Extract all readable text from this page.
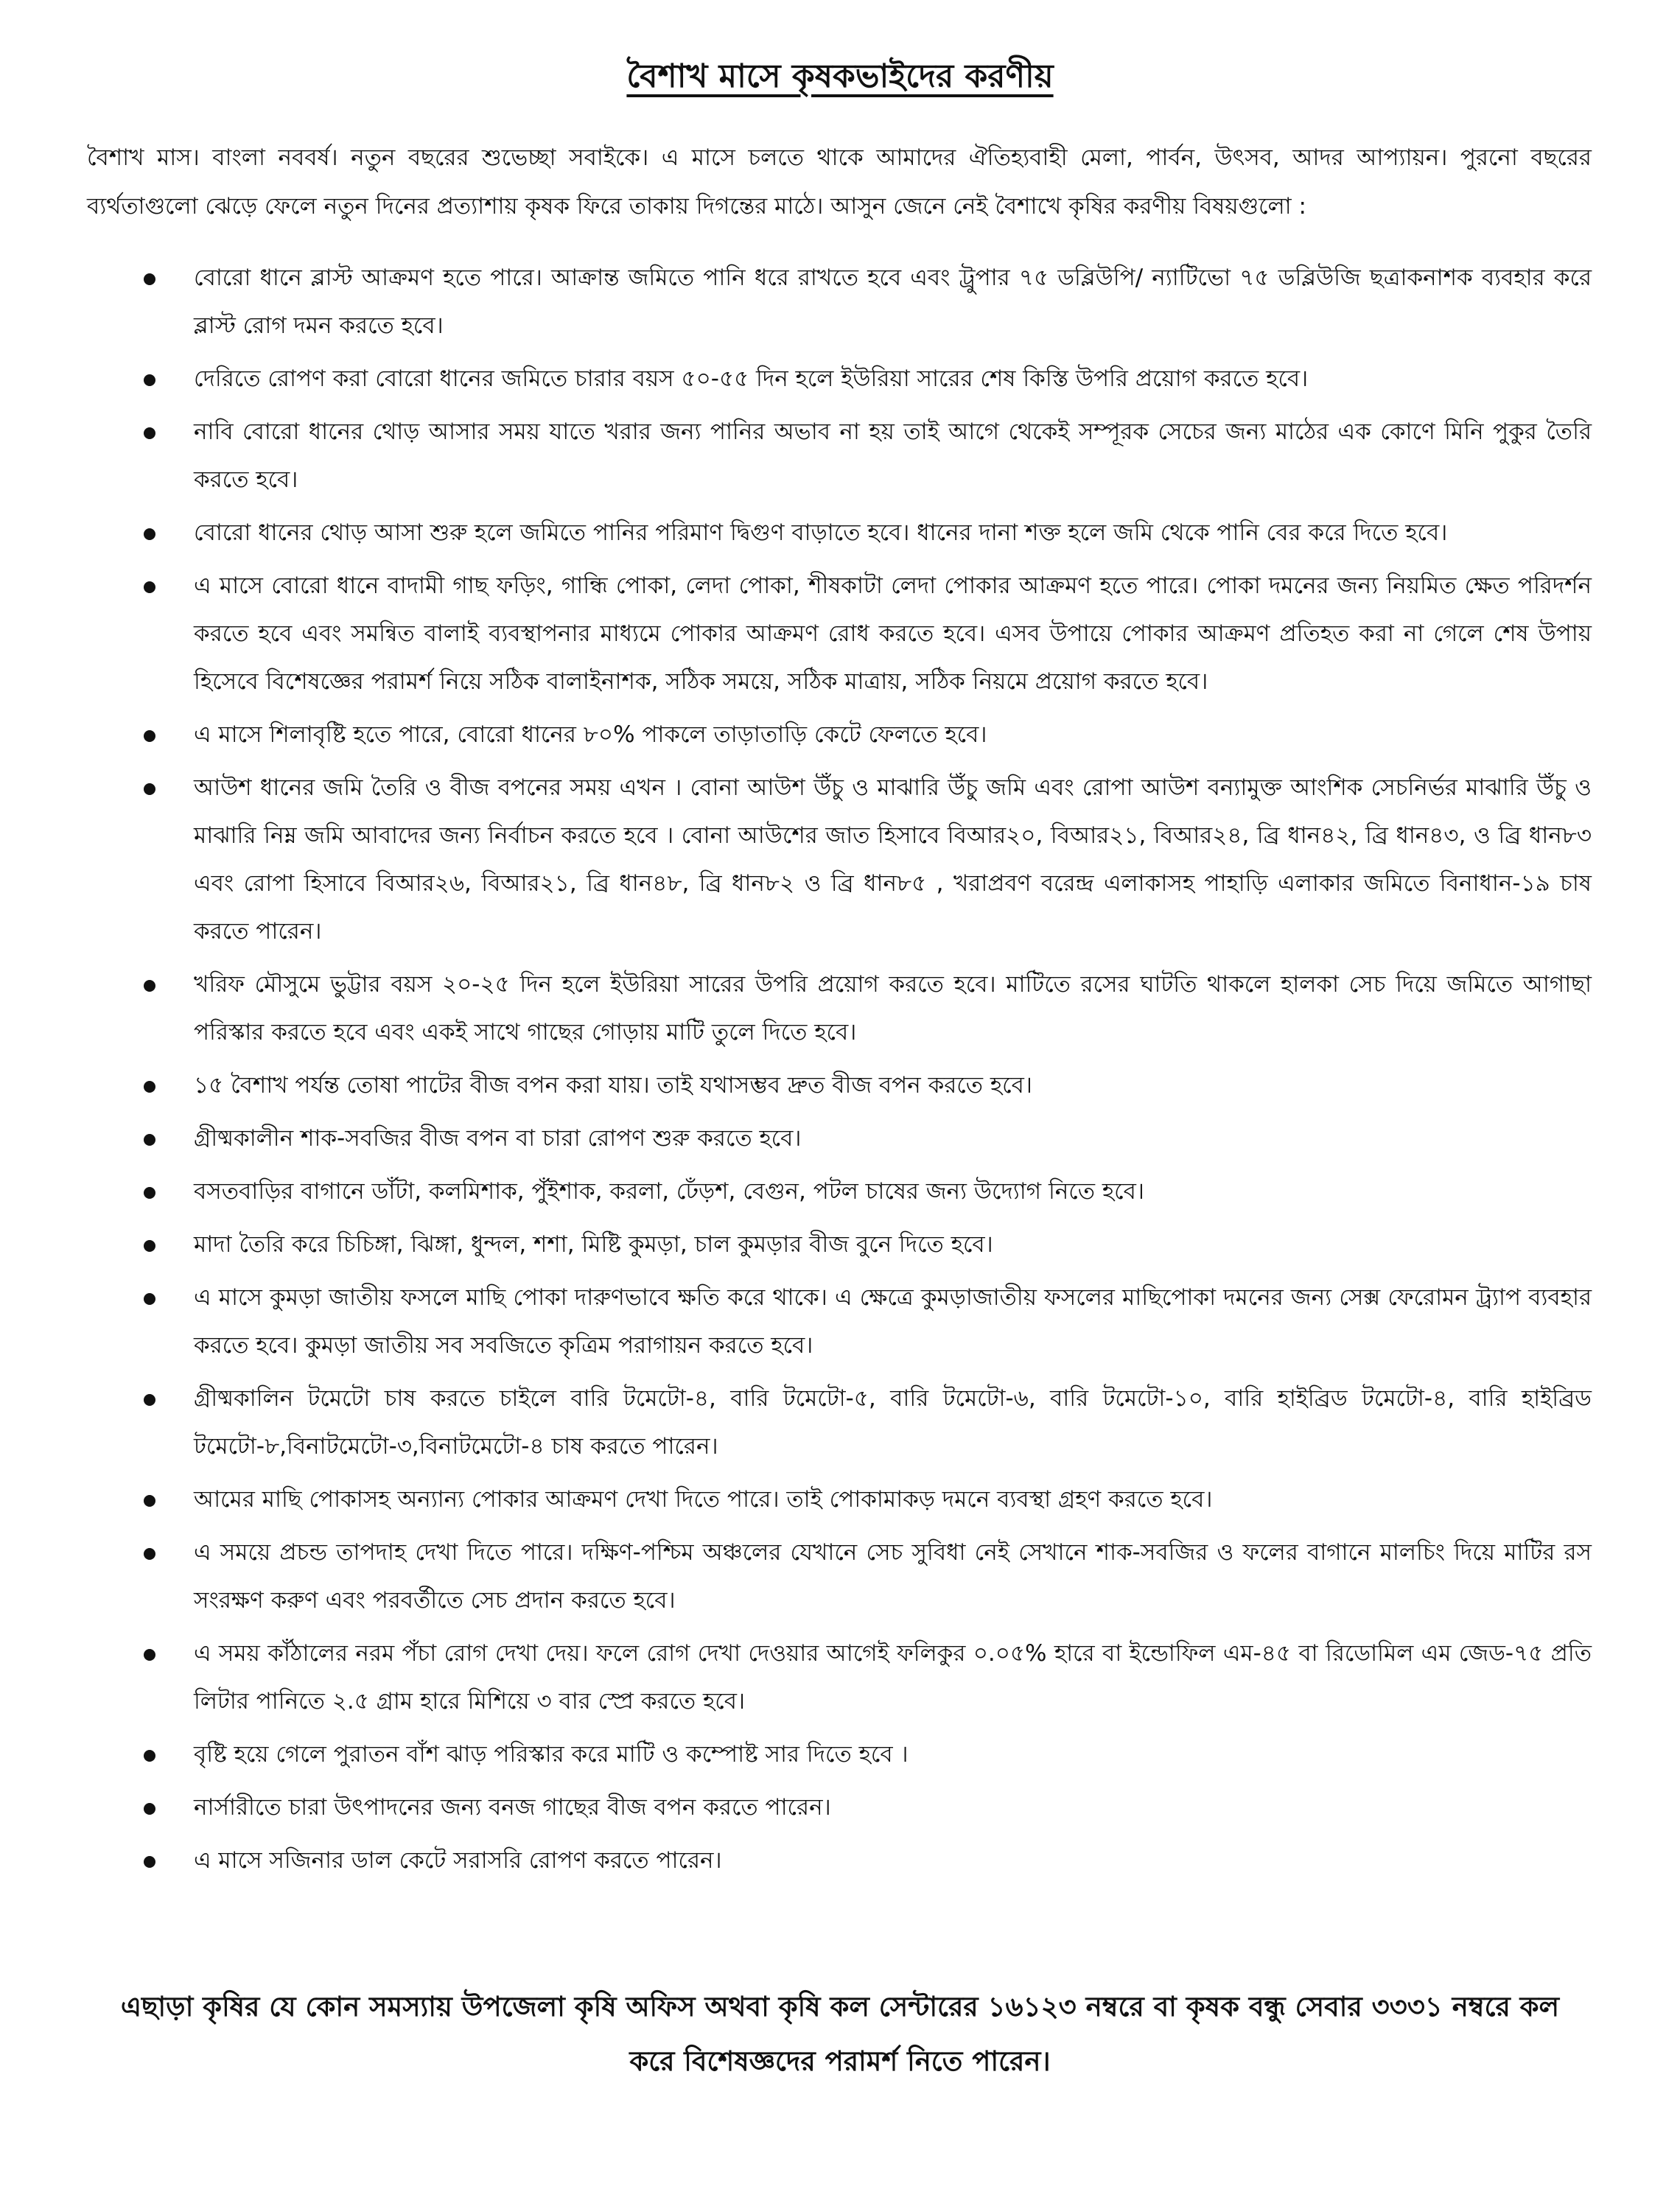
বৈশাখ মাসে কৃষকভাইদের করণীয়

বৈশাখ মাস। বাংলা নববর্ষ। নতুন বছরের শুভেচ্ছা সবাইকে। এ মাসে চলতে থাকে আমাদের ঐতিহ্যবাহী মেলা, পার্বন, উৎসব, আদর আপ্যায়ন। পুরনো বছরের ব্যর্থতাগুলো ঝেড়ে ফেলে নতুন দিনের প্রত্যাশায় কৃষক ফিরে তাকায় দিগন্তের মাঠে। আসুন জেনে নেই বৈশাখে কৃষির করণীয় বিষয়গুলো :

বোরো ধানে ব্লাস্ট আক্রমণ হতে পারে। আক্রান্ত জমিতে পানি ধরে রাখতে হবে এবং ট্রুপার ৭৫ ডব্লিউপি/ ন্যাটিভো ৭৫ ডব্লিউজি ছত্রাকনাশক ব্যবহার করে ব্লাস্ট রোগ দমন করতে হবে।
দেরিতে রোপণ করা বোরো ধানের জমিতে চারার বয়স ৫০-৫৫ দিন হলে ইউরিয়া সারের শেষ কিস্তি উপরি প্রয়োগ করতে হবে।
নাবি বোরো ধানের থোড় আসার সময় যাতে খরার জন্য পানির অভাব না হয় তাই আগে থেকেই সম্পূরক সেচের জন্য মাঠের এক কোণে মিনি পুকুর তৈরি করতে হবে।
বোরো ধানের থোড় আসা শুরু হলে জমিতে পানির পরিমাণ দ্বিগুণ বাড়াতে হবে। ধানের দানা শক্ত হলে জমি থেকে পানি বের করে দিতে হবে।
এ মাসে বোরো ধানে বাদামী গাছ ফড়িং, গান্ধি পোকা, লেদা পোকা, শীষকাটা লেদা পোকার আক্রমণ হতে পারে। পোকা দমনের জন্য নিয়মিত ক্ষেত পরিদর্শন করতে হবে এবং সমন্বিত বালাই ব্যবস্থাপনার মাধ্যমে পোকার আক্রমণ রোধ করতে হবে। এসব উপায়ে পোকার আক্রমণ প্রতিহত করা না গেলে শেষ উপায় হিসেবে বিশেষজ্ঞের পরামর্শ নিয়ে সঠিক বালাইনাশক, সঠিক সময়ে, সঠিক মাত্রায়, সঠিক নিয়মে প্রয়োগ করতে হবে।
এ মাসে শিলাবৃষ্টি হতে পারে, বোরো ধানের ৮০% পাকলে তাড়াতাড়ি কেটে ফেলতে হবে।
আউশ ধানের জমি তৈরি ও বীজ বপনের সময় এখন । বোনা আউশ উঁচু ও মাঝারি উঁচু জমি এবং রোপা আউশ বন্যামুক্ত আংশিক সেচনির্ভর মাঝারি উঁচু ও মাঝারি নিম্ন জমি আবাদের জন্য নির্বাচন করতে হবে । বোনা আউশের জাত হিসাবে বিআর২০, বিআর২১, বিআর২৪, ব্রি ধান৪২, ব্রি ধান৪৩, ও ব্রি ধান৮৩ এবং রোপা হিসাবে বিআর২৬, বিআর২১, ব্রি ধান৪৮, ব্রি ধান৮২ ও ব্রি ধান৮৫ , খরাপ্রবণ বরেন্দ্র এলাকাসহ পাহাড়ি এলাকার জমিতে বিনাধান-১৯ চাষ করতে পারেন।
খরিফ মৌসুমে ভুট্টার বয়স ২০-২৫ দিন হলে ইউরিয়া সারের উপরি প্রয়োগ করতে হবে। মাটিতে রসের ঘাটতি থাকলে হালকা সেচ দিয়ে জমিতে আগাছা পরিস্কার করতে হবে এবং একই সাথে গাছের গোড়ায় মাটি তুলে দিতে হবে।
১৫ বৈশাখ পর্যন্ত তোষা পাটের বীজ বপন করা যায়। তাই যথাসম্ভব দ্রুত বীজ বপন করতে হবে।
গ্রীষ্মকালীন শাক-সবজির বীজ বপন বা চারা রোপণ শুরু করতে হবে।
বসতবাড়ির বাগানে ডাঁটা, কলমিশাক, পুঁইশাক, করলা, ঢেঁড়শ, বেগুন, পটল চাষের জন্য উদ্যোগ নিতে হবে।
মাদা তৈরি করে চিচিঙ্গা, ঝিঙ্গা, ধুন্দল, শশা, মিষ্টি কুমড়া, চাল কুমড়ার বীজ বুনে দিতে হবে।
এ মাসে কুমড়া জাতীয় ফসলে মাছি পোকা দারুণভাবে ক্ষতি করে থাকে। এ ক্ষেত্রে কুমড়াজাতীয় ফসলের মাছিপোকা দমনের জন্য সেক্স ফেরোমন ট্র্যাপ ব্যবহার করতে হবে। কুমড়া জাতীয় সব সবজিতে কৃত্রিম পরাগায়ন করতে হবে।
গ্রীষ্মকালিন টমেটো চাষ করতে চাইলে বারি টমেটো-৪, বারি টমেটো-৫, বারি টমেটো-৬, বারি টমেটো-১০, বারি হাইব্রিড টমেটো-৪, বারি হাইব্রিড টমেটো-৮,বিনাটমেটো-৩,বিনাটমেটো-৪ চাষ করতে পারেন।
আমের মাছি পোকাসহ অন্যান্য পোকার আক্রমণ দেখা দিতে পারে। তাই পোকামাকড় দমনে ব্যবস্থা গ্রহণ করতে হবে।
এ সময়ে প্রচন্ড তাপদাহ দেখা দিতে পারে। দক্ষিণ-পশ্চিম অঞ্চলের যেখানে সেচ সুবিধা নেই সেখানে শাক-সবজির ও ফলের বাগানে মালচিং দিয়ে মাটির রস সংরক্ষণ করুণ এবং পরবর্তীতে সেচ প্রদান করতে হবে।
এ সময় কাঁঠালের নরম পঁচা রোগ দেখা দেয়। ফলে রোগ দেখা দেওয়ার আগেই ফলিকুর ০.০৫% হারে বা ইন্ডোফিল এম-৪৫ বা রিডোমিল এম জেড-৭৫ প্রতি লিটার পানিতে ২.৫ গ্রাম হারে মিশিয়ে ৩ বার স্প্রে করতে হবে।
বৃষ্টি হয়ে গেলে পুরাতন বাঁশ ঝাড় পরিস্কার করে মাটি ও কম্পোষ্ট সার দিতে হবে ।
নার্সারীতে চারা উৎপাদনের জন্য বনজ গাছের বীজ বপন করতে পারেন।
এ মাসে সজিনার ডাল কেটে সরাসরি রোপণ করতে পারেন।

এছাড়া কৃষির যে কোন সমস্যায় উপজেলা কৃষি অফিস অথবা কৃষি কল সেন্টারের ১৬১২৩ নম্বরে বা কৃষক বন্ধু সেবার ৩৩৩১ নম্বরে কল করে বিশেষজ্ঞদের পরামর্শ নিতে পারেন।
